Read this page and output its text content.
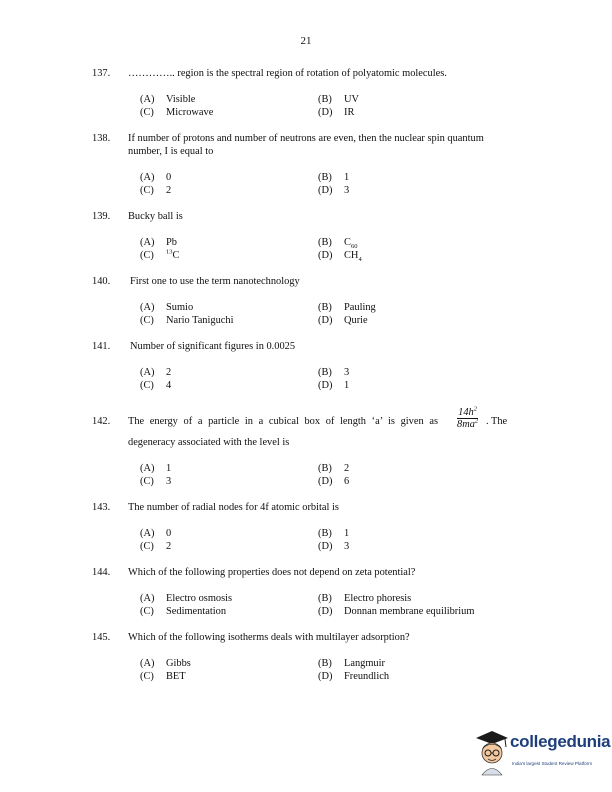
21
137. ………….. region is the spectral region of rotation of polyatomic molecules.
(A) Visible	(B) UV
(C) Microwave	(D) IR
138. If number of protons and number of neutrons are even, then the nuclear spin quantum
number, I is equal to
(A) 0	(B) 1
(C) 2	(D) 3
139. Bucky ball is
(A) Pb	(B) $C_{60}$
(C) $^{13}$C	(D) $CH_4$
140. First one to use the term nanotechnology
(A) Sumio	(B) Pauling
(C) Nario Taniguchi	(D) Qurie
141. Number of significant figures in 0.0025
(A) 2	(B) 3
(C) 4	(D) 1
142. The energy of a particle in a cubical box of length ‘a’ is given as $\frac{14h^2}{8ma^2}$ . The
degeneracy associated with the level is
(A) 1	(B) 2
(C) 3	(D) 6
143. The number of radial nodes for 4f atomic orbital is
(A) 0	(B) 1
(C) 2	(D) 3
144. Which of the following properties does not depend on zeta potential?
(A) Electro osmosis	(B) Electro phoresis
(C) Sedimentation	(D) Donnan membrane equilibrium
145. Which of the following isotherms deals with multilayer adsorption?
(A) Gibbs	(B) Langmuir
(C) BET	(D) Freundlich
collegedunia
India's largest Student Review Platform
